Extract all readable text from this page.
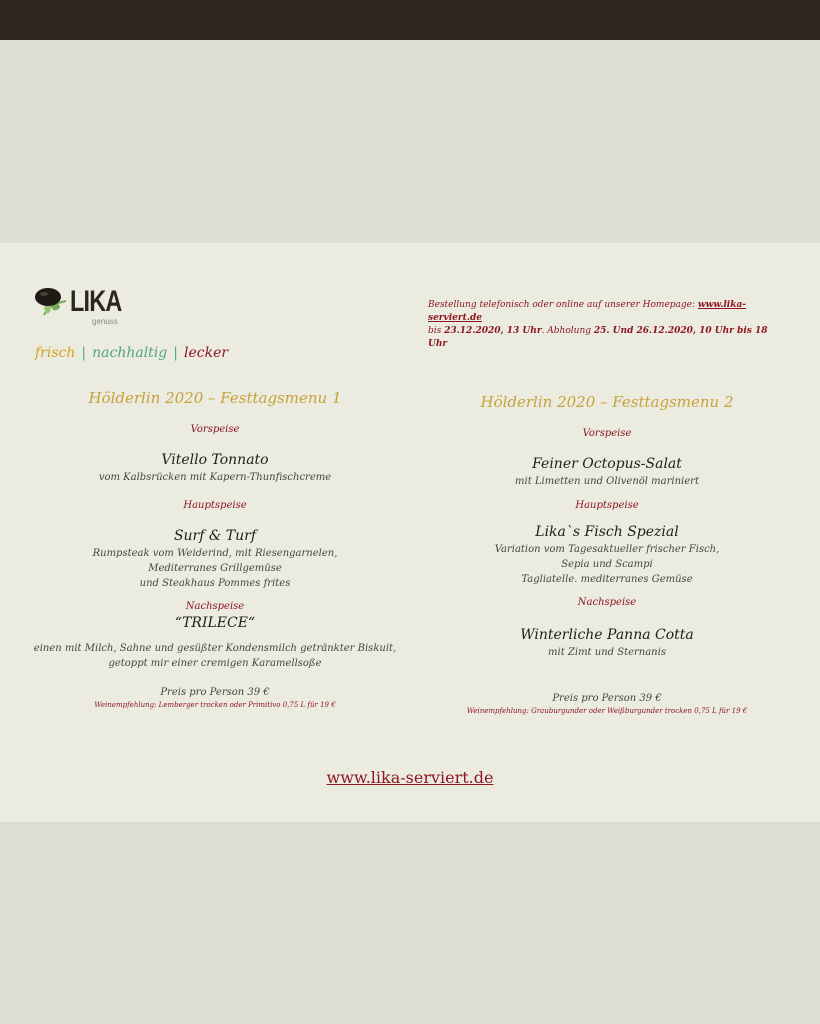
LIKA
genuss
frisch | nachhaltig | lecker
Bestellung telefonisch oder online auf unserer Homepage: www.lika-serviert.de
bis 23.12.2020, 13 Uhr. Abholung 25. Und 26.12.2020, 10 Uhr bis 18 Uhr
Hölderlin 2020 – Festtagsmenu 1
Vorspeise
Vitello Tonnato
vom Kalbsrücken mit Kapern-Thunfischcreme
Hauptspeise
Surf & Turf
Rumpsteak vom Weiderind, mit Riesengarnelen,
Mediterranes Grillgemüse
und Steakhaus Pommes frites
Nachspeise
“TRILECE“
einen mit Milch, Sahne und gesüßter Kondensmilch getränkter Biskuit,
getoppt mir einer cremigen Karamellsoße
Preis pro Person 39 €
Weinempfehlung: Lemberger trocken oder Primitivo 0,75 L für 19 €
Hölderlin 2020 – Festtagsmenu 2
Vorspeise
Feiner Octopus-Salat
mit Limetten und Olivenöl mariniert
Hauptspeise
Lika`s Fisch Spezial
Variation vom Tagesaktueller frischer Fisch,
Sepia und Scampi
Tagliatelle. mediterranes Gemüse
Nachspeise
Winterliche Panna Cotta
mit Zimt und Sternanis
Preis pro Person 39 €
Weinempfehlung: Grauburgunder oder Weißburgunder trocken 0,75 L für 19 €
www.lika-serviert.de
